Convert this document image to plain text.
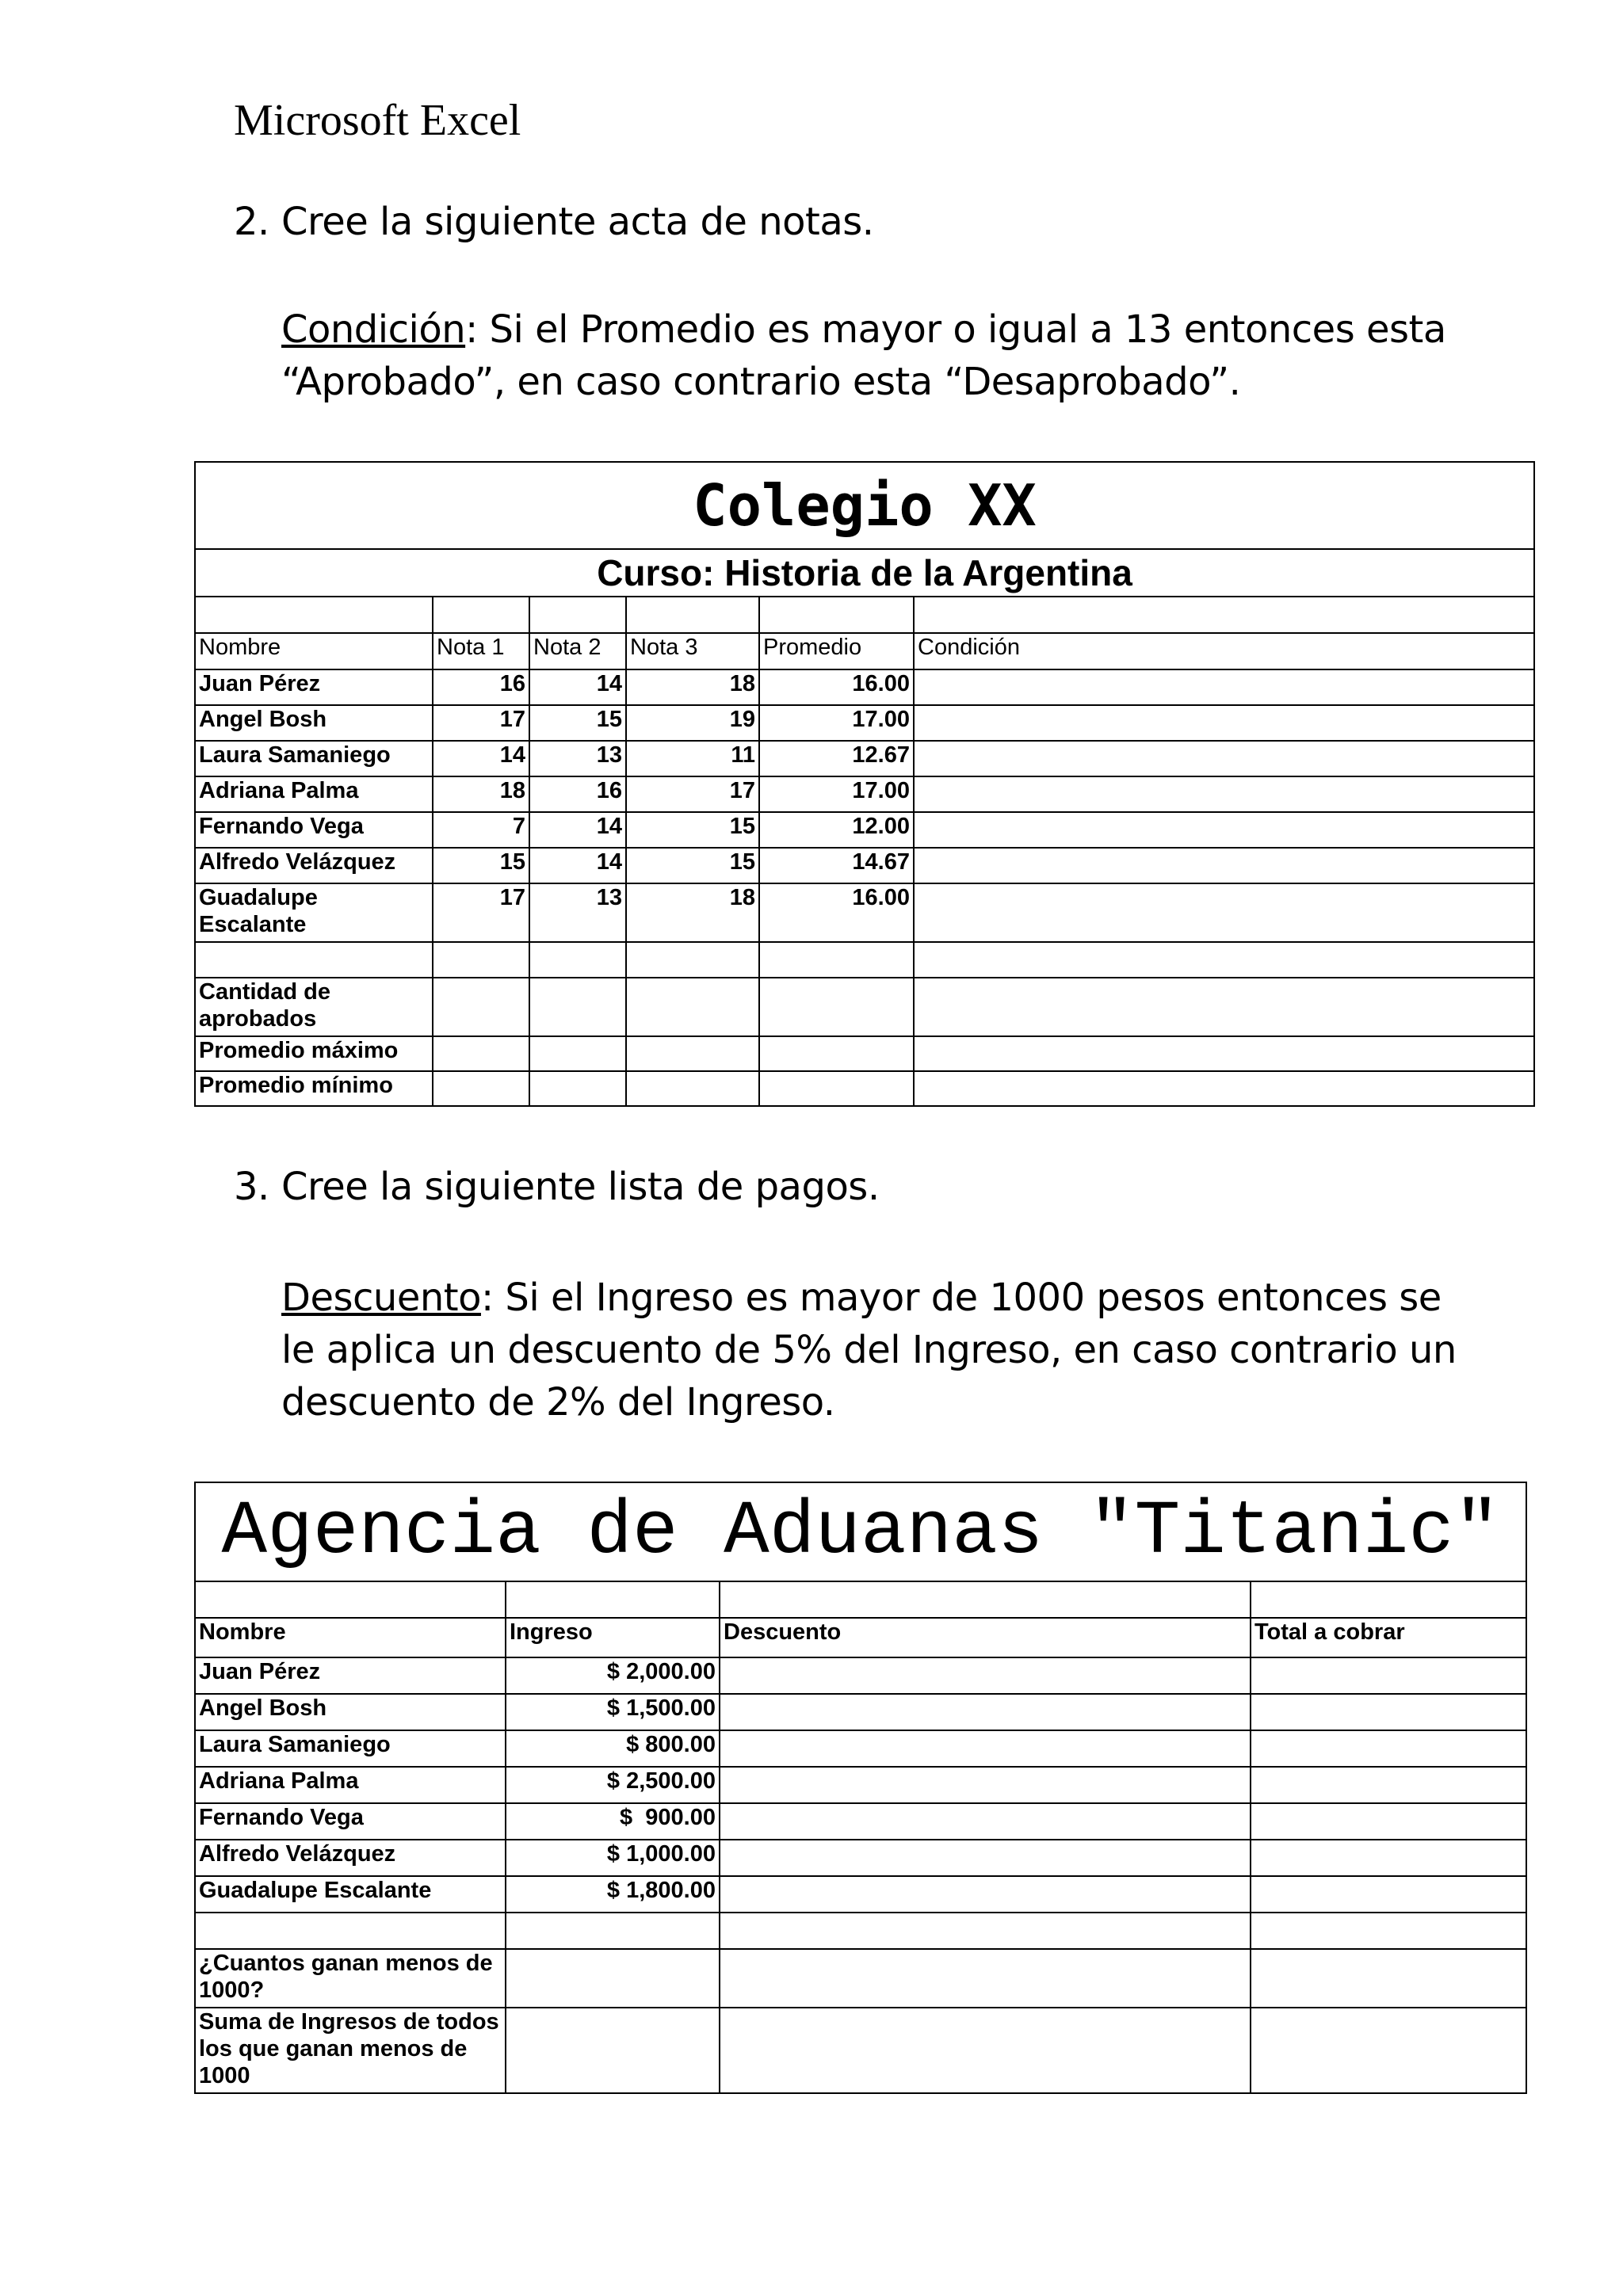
Microsoft Excel
2. Cree la siguiente acta de notas.

Condición: Si el Promedio es mayor o igual a 13 entonces esta

“Aprobado”, en caso contrario esta “Desaprobado”.

Colegio XX					
Curso: Historia de la Argentina					

Nombre	Nota 1	Nota 2	Nota 3	Promedio	Condición
Juan Pérez	16	14	18	16.00	
Angel Bosh	17	15	19	17.00	
Laura Samaniego	14	13	11	12.67	
Adriana Palma	18	16	17	17.00	
Fernando Vega	7	14	15	12.00	
Alfredo Velázquez	15	14	15	14.67	
Guadalupe Escalante	17	13	18	16.00	

Cantidad de aprobados					
Promedio máximo					
Promedio mínimo					
3. Cree la siguiente lista de pagos.

Descuento: Si el Ingreso es mayor de 1000 pesos entonces se

le aplica un descuento de 5% del Ingreso, en caso contrario un

descuento de 2% del Ingreso.

Agencia de Aduanas "Titanic"			

Nombre	Ingreso	Descuento	Total a cobrar
Juan Pérez	$ 2,000.00		
Angel Bosh	$ 1,500.00		
Laura Samaniego	$ 800.00		
Adriana Palma	$ 2,500.00		
Fernando Vega	$  900.00		
Alfredo Velázquez	$ 1,000.00		
Guadalupe Escalante	$ 1,800.00		

¿Cuantos ganan menos de 1000?			
Suma de Ingresos de todos los que ganan menos de 1000			
